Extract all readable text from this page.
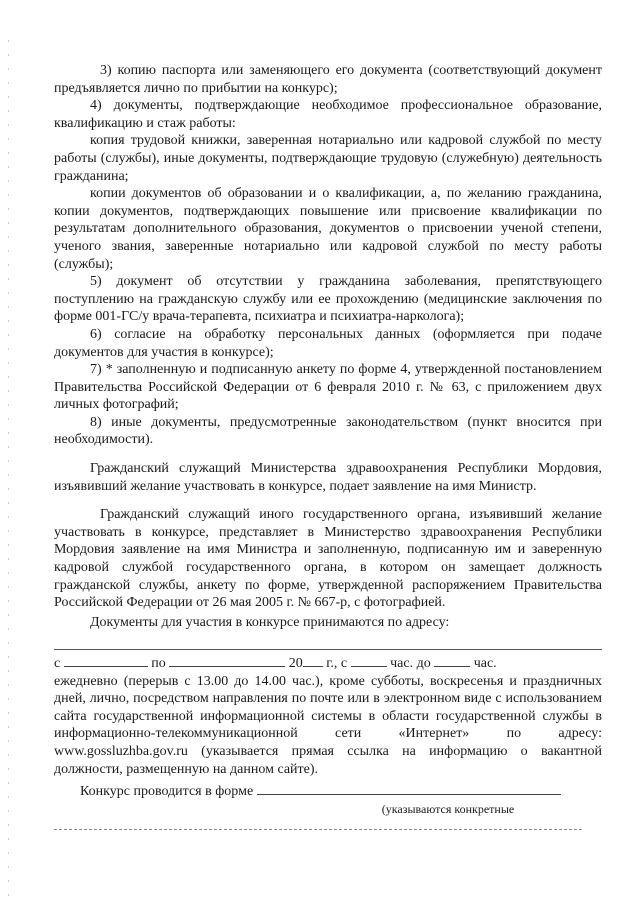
3) копию паспорта или заменяющего его документа (соответствующий документ предъявляется лично по прибытии на конкурс);

4) документы, подтверждающие необходимое профессиональное образование, квалификацию и стаж работы:

копия трудовой книжки, заверенная нотариально или кадровой службой по месту работы (службы), иные документы, подтверждающие трудовую (служебную) деятельность гражданина;

копии документов об образовании и о квалификации, а, по желанию гражданина, копии документов, подтверждающих повышение или присвоение квалификации по результатам дополнительного образования, документов о присвоении ученой степени, ученого звания, заверенные нотариально или кадровой службой по месту работы (службы);

5) документ об отсутствии у гражданина заболевания, препятствующего поступлению на гражданскую службу или ее прохождению (медицинские заключения по форме 001-ГС/у врача-терапевта, психиатра и психиатра-нарколога);

6) согласие на обработку персональных данных (оформляется при подаче документов для участия в конкурсе);

7) * заполненную и подписанную анкету по форме 4, утвержденной постановлением Правительства Российской Федерации от 6 февраля 2010 г. № 63, с приложением двух личных фотографий;

8) иные документы, предусмотренные законодательством (пункт вносится при необходимости).

Гражданский служащий Министерства здравоохранения Республики Мордовия, изъявивший желание участвовать в конкурсе, подает заявление на имя Министр.

Гражданский служащий иного государственного органа, изъявивший желание участвовать в конкурсе, представляет в Министерство здравоохранения Республики Мордовия заявление на имя Министра и заполненную, подписанную им и заверенную кадровой службой государственного органа, в котором он замещает должность гражданской службы, анкету по форме, утвержденной распоряжением Правительства Российской Федерации от 26 мая 2005 г. № 667-р, с фотографией.

Документы для участия в конкурсе принимаются по адресу:

с	по	20 г., с	час. до	час.

ежедневно (перерыв с 13.00 до 14.00 час.), кроме субботы, воскресенья и праздничных дней, лично, посредством направления по почте или в электронном виде с использованием сайта государственной информационной системы в области государственной службы в информационно-телекоммуникационной сети «Интернет» по адресу: www.gossluzhba.gov.ru (указывается прямая ссылка на информацию о вакантной должности, размещенную на данном сайте).

Конкурс проводится в форме
(указываются конкретные
